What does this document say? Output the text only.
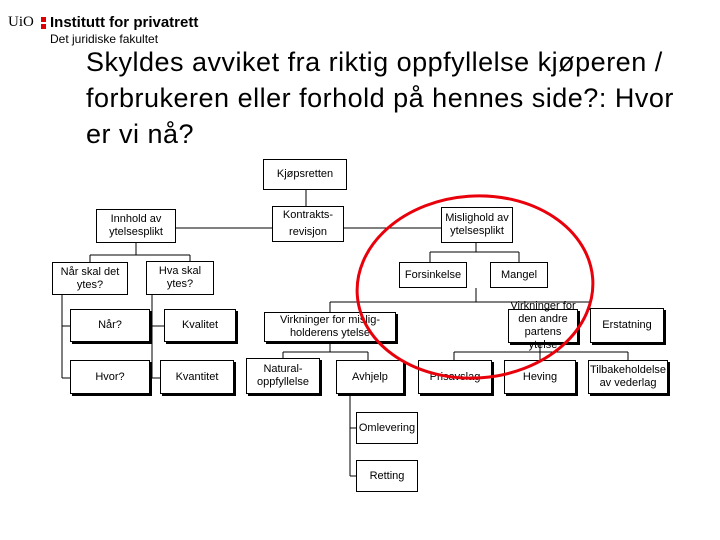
UiO Institutt for privatrett
Det juridiske fakultet
Skyldes avviket fra riktig oppfyllelse kjøperen / forbrukeren eller forhold på hennes side?: Hvor er vi nå?
Kjøpsretten
Innhold av ytelsesplikt
Kontrakts-
revisjon
Mislighold av ytelsesplikt
Når skal det ytes?
Hva skal ytes?
Forsinkelse	Mangel
Når?	Kvalitet	Virkninger for mislig-holderens ytelse
Virkninger for den andre partens ytelse
Erstatning
Hvor?	Kvantitet
Natural-oppfyllelse	Avhjelp	Prisavslag	Heving
Tilbakeholdelse av vederlag
Omlevering
Retting
